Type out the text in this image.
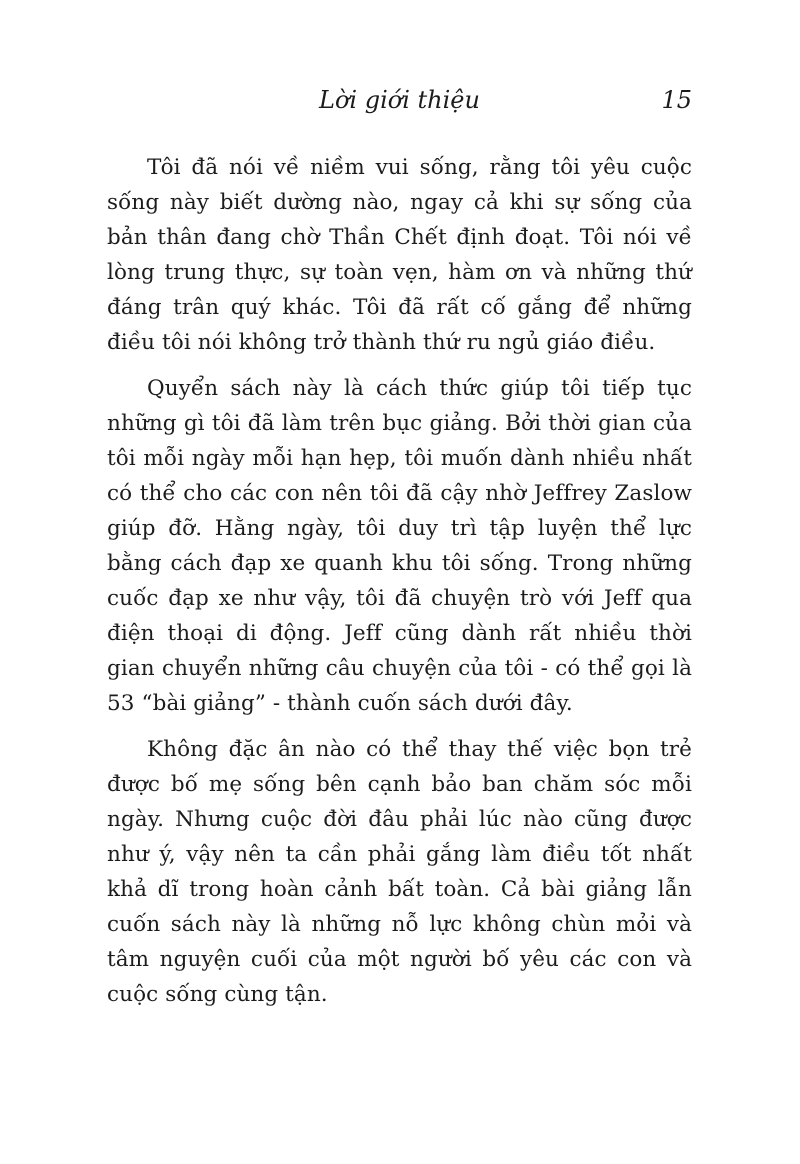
Lời giới thiệu	15

Tôi đã nói về niềm vui sống, rằng tôi yêu cuộc sống này biết dường nào, ngay cả khi sự sống của bản thân đang chờ Thần Chết định đoạt. Tôi nói về lòng trung thực, sự toàn vẹn, hàm ơn và những thứ đáng trân quý khác. Tôi đã rất cố gắng để những điều tôi nói không trở thành thứ ru ngủ giáo điều.

Quyển sách này là cách thức giúp tôi tiếp tục những gì tôi đã làm trên bục giảng. Bởi thời gian của tôi mỗi ngày mỗi hạn hẹp, tôi muốn dành nhiều nhất có thể cho các con nên tôi đã cậy nhờ Jeffrey Zaslow giúp đỡ. Hằng ngày, tôi duy trì tập luyện thể lực bằng cách đạp xe quanh khu tôi sống. Trong những cuốc đạp xe như vậy, tôi đã chuyện trò với Jeff qua điện thoại di động. Jeff cũng dành rất nhiều thời gian chuyển những câu chuyện của tôi - có thể gọi là 53 “bài giảng” - thành cuốn sách dưới đây.

Không đặc ân nào có thể thay thế việc bọn trẻ được bố mẹ sống bên cạnh bảo ban chăm sóc mỗi ngày. Nhưng cuộc đời đâu phải lúc nào cũng được như ý, vậy nên ta cần phải gắng làm điều tốt nhất khả dĩ trong hoàn cảnh bất toàn. Cả bài giảng lẫn cuốn sách này là những nỗ lực không chùn mỏi và tâm nguyện cuối của một người bố yêu các con và cuộc sống cùng tận.
